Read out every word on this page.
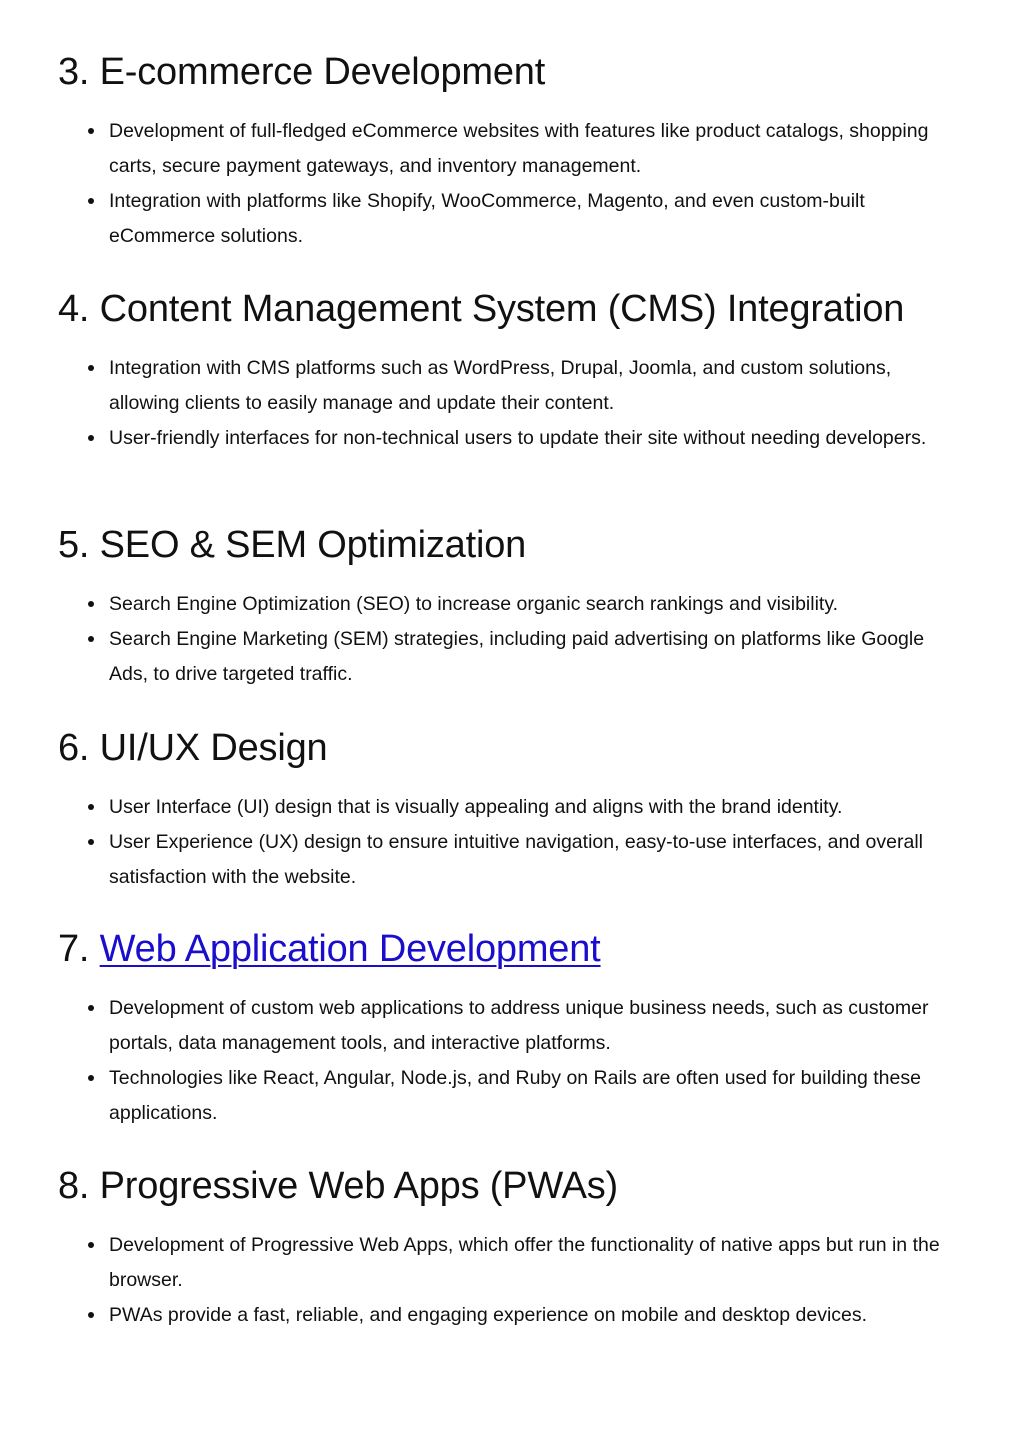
3. E-commerce Development
Development of full-fledged eCommerce websites with features like product catalogs, shopping carts, secure payment gateways, and inventory management.
Integration with platforms like Shopify, WooCommerce, Magento, and even custom-built eCommerce solutions.
4. Content Management System (CMS) Integration
Integration with CMS platforms such as WordPress, Drupal, Joomla, and custom solutions, allowing clients to easily manage and update their content.
User-friendly interfaces for non-technical users to update their site without needing developers.
5. SEO & SEM Optimization
Search Engine Optimization (SEO) to increase organic search rankings and visibility.
Search Engine Marketing (SEM) strategies, including paid advertising on platforms like Google Ads, to drive targeted traffic.
6. UI/UX Design
User Interface (UI) design that is visually appealing and aligns with the brand identity.
User Experience (UX) design to ensure intuitive navigation, easy-to-use interfaces, and overall satisfaction with the website.
7. Web Application Development
Development of custom web applications to address unique business needs, such as customer portals, data management tools, and interactive platforms.
Technologies like React, Angular, Node.js, and Ruby on Rails are often used for building these applications.
8. Progressive Web Apps (PWAs)
Development of Progressive Web Apps, which offer the functionality of native apps but run in the browser.
PWAs provide a fast, reliable, and engaging experience on mobile and desktop devices.
